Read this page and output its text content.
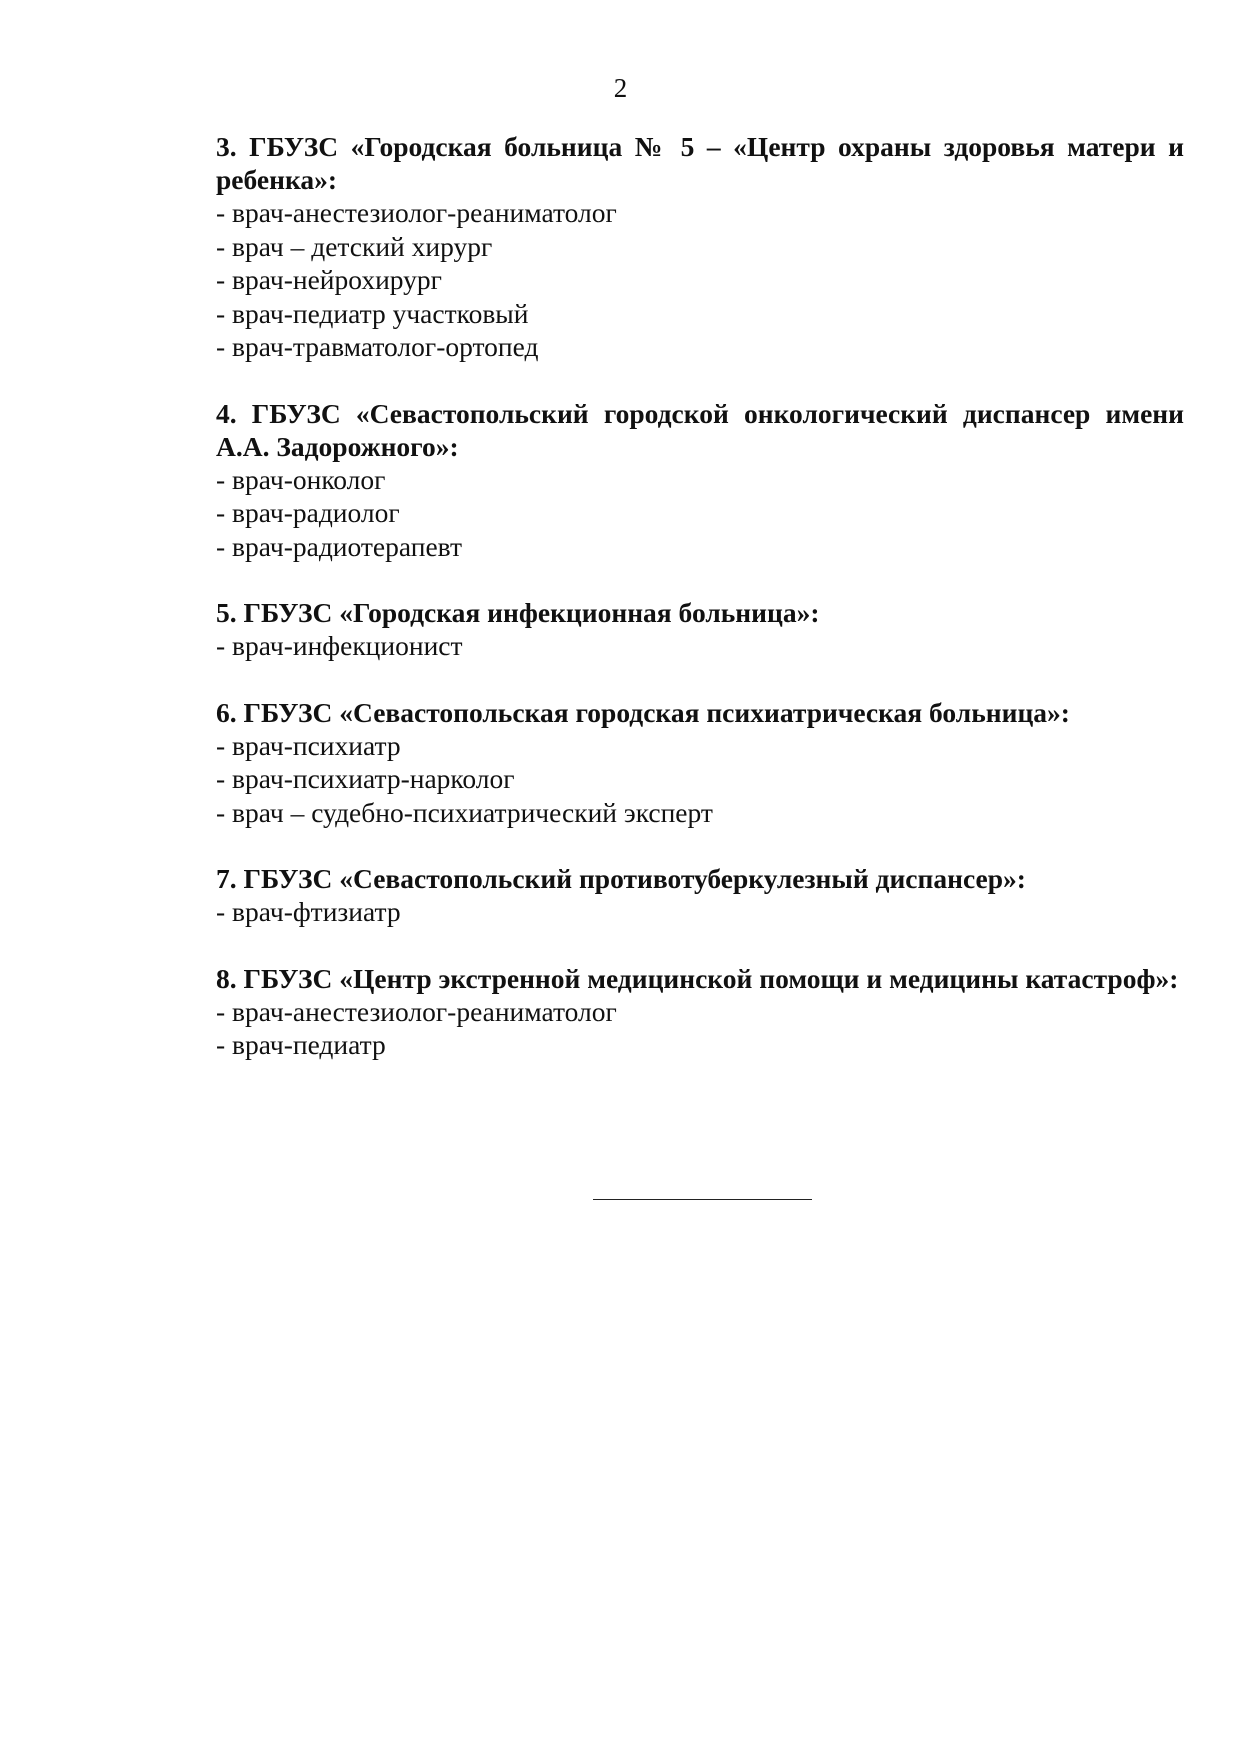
2

3. ГБУЗС «Городская больница № 5 – «Центр охраны здоровья матери и ребенка»:

- врач-анестезиолог-реаниматолог
- врач – детский хирург
- врач-нейрохирург
- врач-педиатр участковый
- врач-травматолог-ортопед

4. ГБУЗС «Севастопольский городской онкологический диспансер имени А.А. Задорожного»:

- врач-онколог
- врач-радиолог
- врач-радиотерапевт

5. ГБУЗС «Городская инфекционная больница»:

- врач-инфекционист

6. ГБУЗС «Севастопольская городская психиатрическая больница»:

- врач-психиатр
- врач-психиатр-нарколог
- врач – судебно-психиатрический эксперт

7. ГБУЗС «Севастопольский противотуберкулезный диспансер»:

- врач-фтизиатр

8. ГБУЗС «Центр экстренной медицинской помощи и медицины катастроф»:

- врач-анестезиолог-реаниматолог
- врач-педиатр
